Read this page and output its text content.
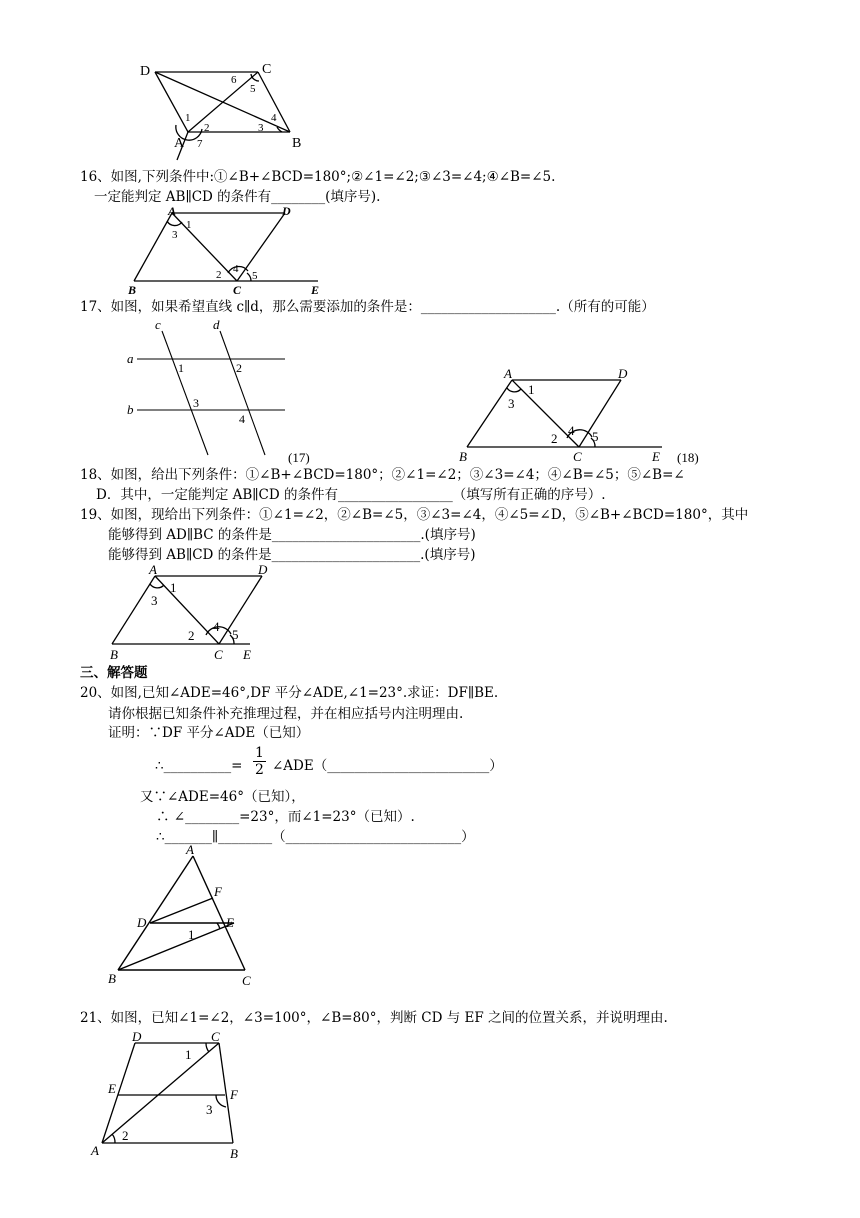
D	C
A	B
1
2	3
4
5
6
7
16、如图,下列条件中:①∠B+∠BCD=180°;②∠1=∠2;③∠3=∠4;④∠B=∠5.
一定能判定 AB∥CD 的条件有________(填序号).
A	D
B	C	E
1
2
3
4
5
17、如图，如果希望直线 c∥d，那么需要添加的条件是：____________________.（所有的可能）
c	d
a
b
1	2
3
4
(17)
A	D
B	C	E
1
2
3
4 5
(18)
18、如图，给出下列条件：①∠B+∠BCD=180°；②∠1=∠2；③∠3=∠4；④∠B=∠5；⑤∠B=∠
D．其中，一定能判定 AB∥CD 的条件有_________________（填写所有正确的序号）.
19、如图，现给出下列条件：①∠1=∠2，②∠B=∠5，③∠3=∠4，④∠5=∠D，⑤∠B+∠BCD=180°，其中
能够得到 AD∥BC 的条件是______________________.(填序号)
能够得到 AB∥CD 的条件是______________________.(填序号)
A	D
B	C E
1
2
3
4
5
三、解答题
20、如图,已知∠ADE=46°,DF 平分∠ADE,∠1=23°.求证：DF∥BE.
请你根据已知条件补充推理过程，并在相应括号内注明理由.
证明：∵DF 平分∠ADE（已知）
∴__________= $\frac{1}{2}$ ∠ADE（________________________）
又∵∠ADE=46°（已知），
∴ ∠________=23°，而∠1=23°（已知）.
∴_______∥________（__________________________）
A
F
D	E
1
B	C
21、如图，已知∠1=∠2，∠3=100°，∠B=80°，判断 CD 与 EF 之间的位置关系，并说明理由.
D	C
1
E	F
3
A
2
B
